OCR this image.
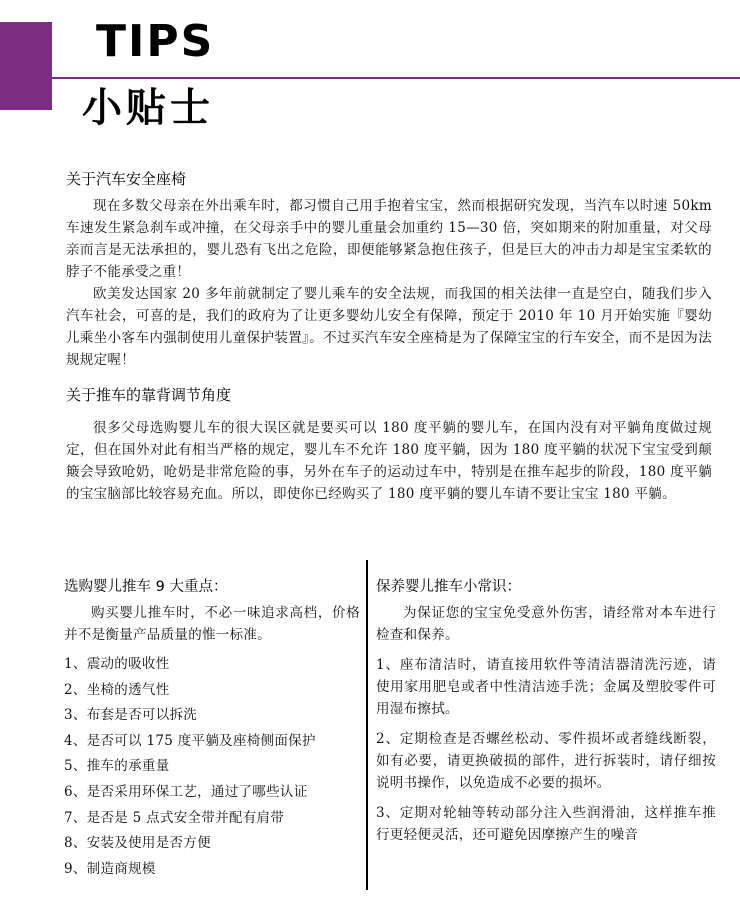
TIPS
小贴士
关于汽车安全座椅

现在多数父母亲在外出乘车时，都习惯自己用手抱着宝宝，然而根据研究发现，当汽车以时速 50km 车速发生紧急刹车或冲撞，在父母亲手中的婴儿重量会加重约 15—30 倍，突如期来的附加重量，对父母亲而言是无法承担的，婴儿恐有飞出之危险，即便能够紧急抱住孩子，但是巨大的冲击力却是宝宝柔软的脖子不能承受之重！

欧美发达国家 20 多年前就制定了婴儿乘车的安全法规，而我国的相关法律一直是空白，随我们步入汽车社会，可喜的是，我们的政府为了让更多婴幼儿安全有保障，预定于 2010 年 10 月开始实施『婴幼儿乘坐小客车内强制使用儿童保护装置』。不过买汽车安全座椅是为了保障宝宝的行车安全，而不是因为法规规定喔！

关于推车的靠背调节角度

很多父母选购婴儿车的很大误区就是要买可以 180 度平躺的婴儿车，在国内没有对平躺角度做过规定，但在国外对此有相当严格的规定，婴儿车不允许 180 度平躺，因为 180 度平躺的状况下宝宝受到颠簸会导致呛奶，呛奶是非常危险的事，另外在车子的运动过车中，特别是在推车起步的阶段，180 度平躺的宝宝脑部比较容易充血。所以，即使你已经购买了 180 度平躺的婴儿车请不要让宝宝 180 平躺。

选购婴儿推车 9 大重点：

购买婴儿推车时，不必一味追求高档，价格并不是衡量产品质量的惟一标准。

1、震动的吸收性
2、坐椅的透气性
3、布套是否可以拆洗
4、是否可以 175 度平躺及座椅侧面保护
5、推车的承重量
6、是否采用环保工艺，通过了哪些认证
7、是否是 5 点式安全带并配有肩带
8、安装及使用是否方便
9、制造商规模
保养婴儿推车小常识：

为保证您的宝宝免受意外伤害，请经常对本车进行检查和保养。

1、座布清洁时，请直接用软件等清洁器清洗污迹，请使用家用肥皂或者中性清洁迹手洗；金属及塑胶零件可用湿布擦拭。

2、定期检查是否螺丝松动、零件损坏或者缝线断裂，如有必要，请更换破损的部件，进行拆装时，请仔细按说明书操作，以免造成不必要的损坏。

3、定期对轮轴等转动部分注入些润滑油，这样推车推行更轻便灵活，还可避免因摩擦产生的噪音
